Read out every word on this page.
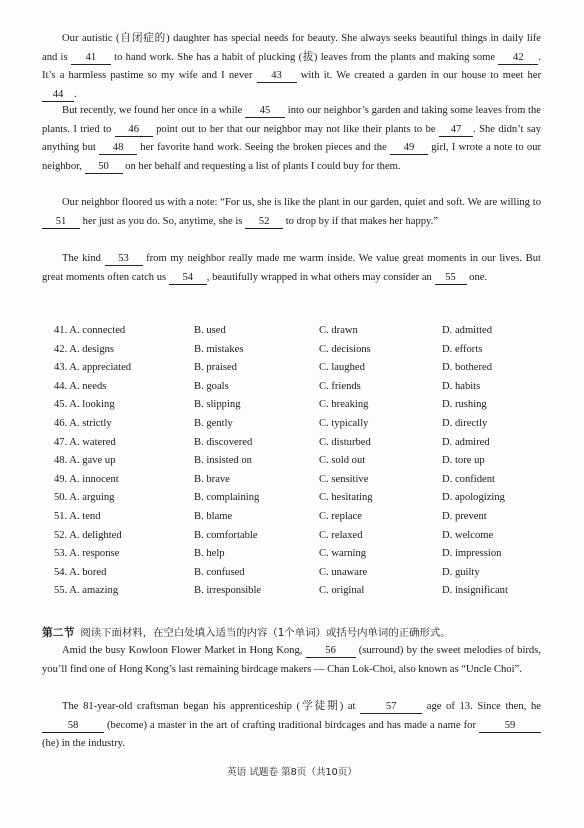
Our autistic (自闭症的) daughter has special needs for beauty. She always seeks beautiful things in daily life and is 41 to hand work. She has a habit of plucking (拔) leaves from the plants and making some 42 . It’s a harmless pastime so my wife and I never 43 with it. We created a garden in our house to meet her 44 .

But recently, we found her once in a while 45 into our neighbor’s garden and taking some leaves from the plants. I tried to 46 point out to her that our neighbor may not like their plants to be 47 . She didn’t say anything but 48 her favorite hand work. Seeing the broken pieces and the 49 girl, I wrote a note to our neighbor, 50 on her behalf and requesting a list of plants I could buy for them.

Our neighbor floored us with a note: “For us, she is like the plant in our garden, quiet and soft. We are willing to 51 her just as you do. So, anytime, she is 52 to drop by if that makes her happy.”

The kind 53 from my neighbor really made me warm inside. We value great moments in our lives. But great moments often catch us 54 , beautifully wrapped in what others may consider an 55 one.

41. A. connected	B. used	C. drawn	D. admitted
42. A. designs	B. mistakes	C. decisions	D. efforts
43. A. appreciated	B. praised	C. laughed	D. bothered
44. A. needs	B. goals	C. friends	D. habits
45. A. looking	B. slipping	C. breaking	D. rushing
46. A. strictly	B. gently	C. typically	D. directly
47. A. watered	B. discovered	C. disturbed	D. admired
48. A. gave up	B. insisted on	C. sold out	D. tore up
49. A. innocent	B. brave	C. sensitive	D. confident
50. A. arguing	B. complaining	C. hesitating	D. apologizing
51. A. tend	B. blame	C. replace	D. prevent
52. A. delighted	B. comfortable	C. relaxed	D. welcome
53. A. response	B. help	C. warning	D. impression
54. A. bored	B. confused	C. unaware	D. guilty
55. A. amazing	B. irresponsible	C. original	D. insignificant
第二节 阅读下面材料，在空白处填入适当的内容（1个单词）或括号内单词的正确形式。

Amid the busy Kowloon Flower Market in Hong Kong, 56 (surround) by the sweet melodies of birds, you’ll find one of Hong Kong’s last remaining birdcage makers — Chan Lok-Choi, also known as “Uncle Choi”.

The 81-year-old craftsman began his apprenticeship (学徒期) at 57 age of 13. Since then, he 58 (become) a master in the art of crafting traditional birdcages and has made a name for 59 (he) in the industry.

英语 试题卷 第8页（共10页）
